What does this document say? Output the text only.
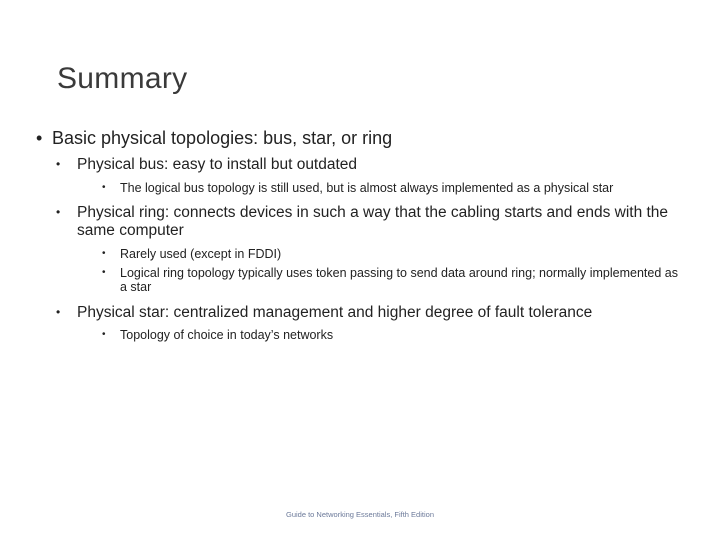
Summary
• Basic physical topologies: bus, star, or ring
• Physical bus: easy to install but outdated
• The logical bus topology is still used, but is almost always implemented as a physical star
• Physical ring: connects devices in such a way that the cabling starts and ends with the same computer
• Rarely used (except in FDDI)
• Logical ring topology typically uses token passing to send data around ring; normally implemented as a star
• Physical star: centralized management and higher degree of fault tolerance
• Topology of choice in today’s networks
Guide to Networking Essentials, Fifth Edition
